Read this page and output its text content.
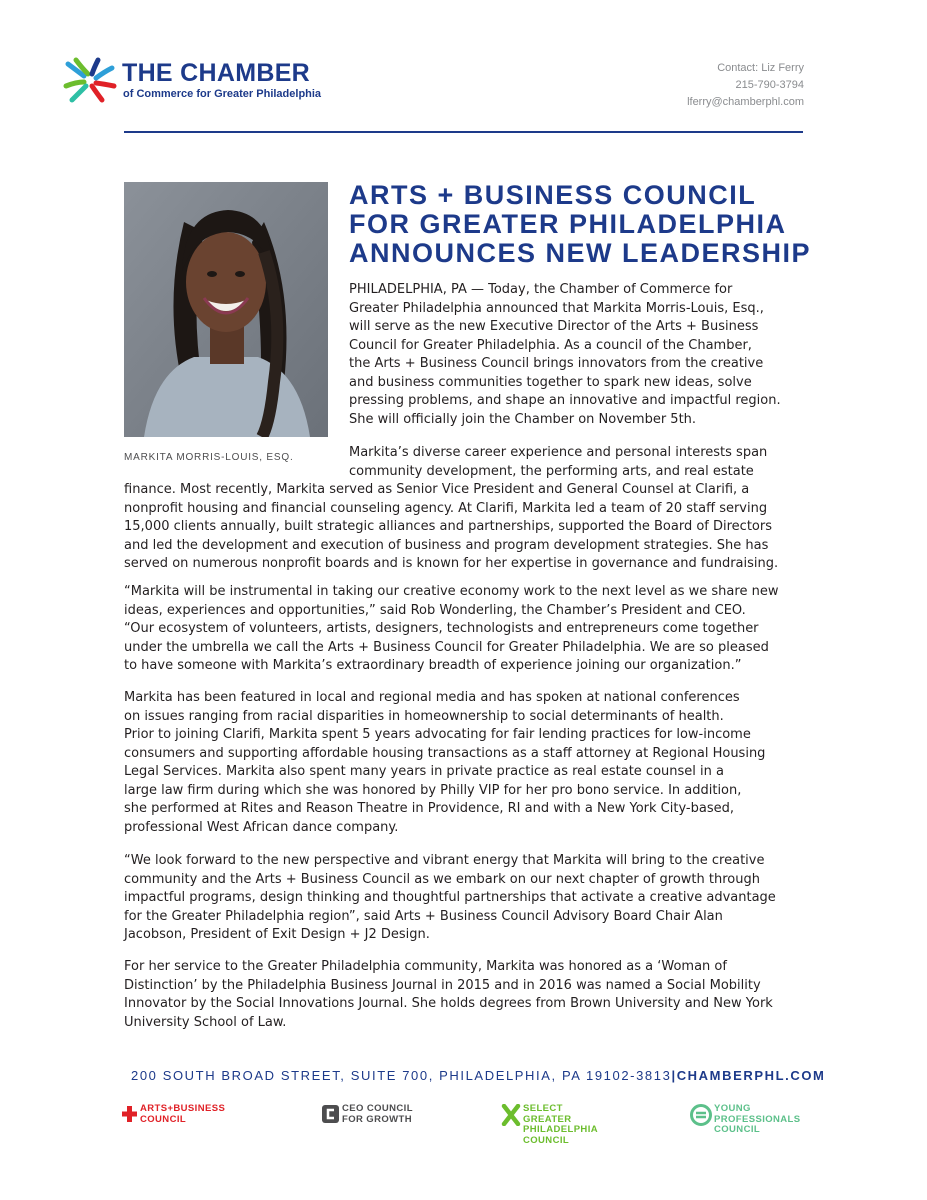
THE CHAMBER
of Commerce for Greater Philadelphia
Contact: Liz Ferry
215-790-3794
lferry@chamberphl.com
MARKITA MORRIS-LOUIS, ESQ.
ARTS + BUSINESS COUNCIL
FOR GREATER PHILADELPHIA
ANNOUNCES NEW LEADERSHIP
PHILADELPHIA, PA — Today, the Chamber of Commerce for
Greater Philadelphia announced that Markita Morris-Louis, Esq.,
will serve as the new Executive Director of the Arts + Business
Council for Greater Philadelphia. As a council of the Chamber,
the Arts + Business Council brings innovators from the creative
and business communities together to spark new ideas, solve
pressing problems, and shape an innovative and impactful region.
She will officially join the Chamber on November 5th.
Markita’s diverse career experience and personal interests span
community development, the performing arts, and real estate
finance. Most recently, Markita served as Senior Vice President and General Counsel at Clarifi, a
nonprofit housing and financial counseling agency. At Clarifi, Markita led a team of 20 staff serving
15,000 clients annually, built strategic alliances and partnerships, supported the Board of Directors
and led the development and execution of business and program development strategies. She has
served on numerous nonprofit boards and is known for her expertise in governance and fundraising.
“Markita will be instrumental in taking our creative economy work to the next level as we share new
ideas, experiences and opportunities,” said Rob Wonderling, the Chamber’s President and CEO.
“Our ecosystem of volunteers, artists, designers, technologists and entrepreneurs come together
under the umbrella we call the Arts + Business Council for Greater Philadelphia. We are so pleased
to have someone with Markita’s extraordinary breadth of experience joining our organization.”
Markita has been featured in local and regional media and has spoken at national conferences
on issues ranging from racial disparities in homeownership to social determinants of health.
Prior to joining Clarifi, Markita spent 5 years advocating for fair lending practices for low-income
consumers and supporting affordable housing transactions as a staff attorney at Regional Housing
Legal Services. Markita also spent many years in private practice as real estate counsel in a
large law firm during which she was honored by Philly VIP for her pro bono service. In addition,
she performed at Rites and Reason Theatre in Providence, RI and with a New York City-based,
professional West African dance company.
“We look forward to the new perspective and vibrant energy that Markita will bring to the creative
community and the Arts + Business Council as we embark on our next chapter of growth through
impactful programs, design thinking and thoughtful partnerships that activate a creative advantage
for the Greater Philadelphia region”, said Arts + Business Council Advisory Board Chair Alan
Jacobson, President of Exit Design + J2 Design.
For her service to the Greater Philadelphia community, Markita was honored as a ‘Woman of
Distinction’ by the Philadelphia Business Journal in 2015 and in 2016 was named a Social Mobility
Innovator by the Social Innovations Journal. She holds degrees from Brown University and New York
University School of Law.
200 SOUTH BROAD STREET, SUITE 700, PHILADELPHIA, PA 19102-3813|CHAMBERPHL.COM
ARTS+BUSINESS
COUNCIL
CEO COUNCIL
FOR GROWTH
SELECT
GREATER
PHILADELPHIA
COUNCIL
YOUNG
PROFESSIONALS
COUNCIL
